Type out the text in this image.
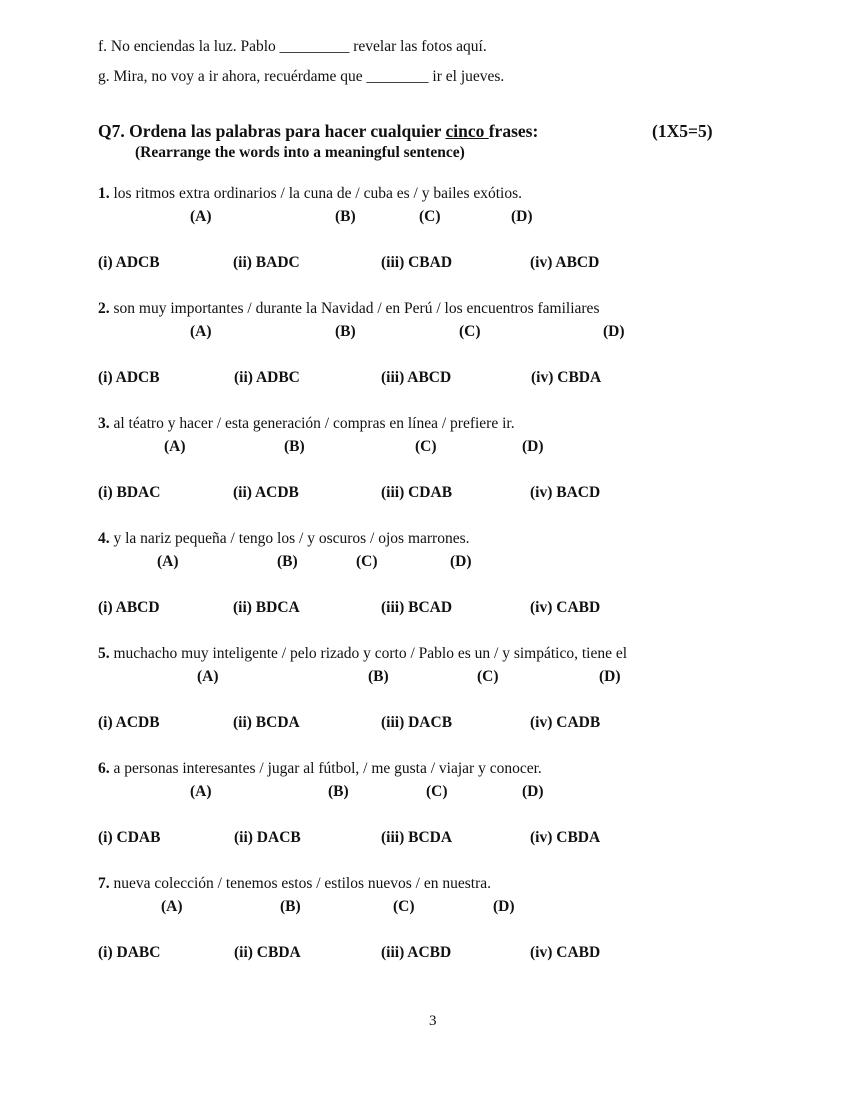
f. No enciendas la luz. Pablo _________ revelar las fotos aquí.
g. Mira, no voy a ir ahora, recuérdame que ________ ir el jueves.
Q7. Ordena las palabras para hacer cualquier cinco frases:	(1X5=5)
(Rearrange the words into a meaningful sentence)
1. los ritmos extra ordinarios / la cuna de / cuba es / y bailes exótios.
(A)	(B)	(C)	(D)
(i) ADCB	(ii) BADC	(iii) CBAD	(iv) ABCD
2. son muy importantes / durante la Navidad / en Perú / los encuentros familiares
(A)	(B)	(C)	(D)
(i) ADCB	(ii) ADBC	(iii) ABCD	(iv) CBDA
3. al téatro y hacer / esta generación / compras en línea / prefiere ir.
(A)	(B)	(C)	(D)
(i) BDAC	(ii) ACDB	(iii) CDAB	(iv) BACD
4. y la nariz pequeña / tengo los / y oscuros / ojos marrones.
(A)	(B)	(C)	(D)
(i) ABCD	(ii) BDCA	(iii) BCAD	(iv) CABD
5. muchacho muy inteligente / pelo rizado y corto / Pablo es un / y simpático, tiene el
(A)	(B)	(C)	(D)
(i) ACDB	(ii) BCDA	(iii) DACB	(iv) CADB
6. a personas interesantes / jugar al fútbol, / me gusta / viajar y conocer.
(A)	(B)	(C)	(D)
(i) CDAB	(ii) DACB	(iii) BCDA	(iv) CBDA
7. nueva colección / tenemos estos / estilos nuevos / en nuestra.
(A)	(B)	(C)	(D)
(i) DABC	(ii) CBDA	(iii) ACBD	(iv) CABD
3
